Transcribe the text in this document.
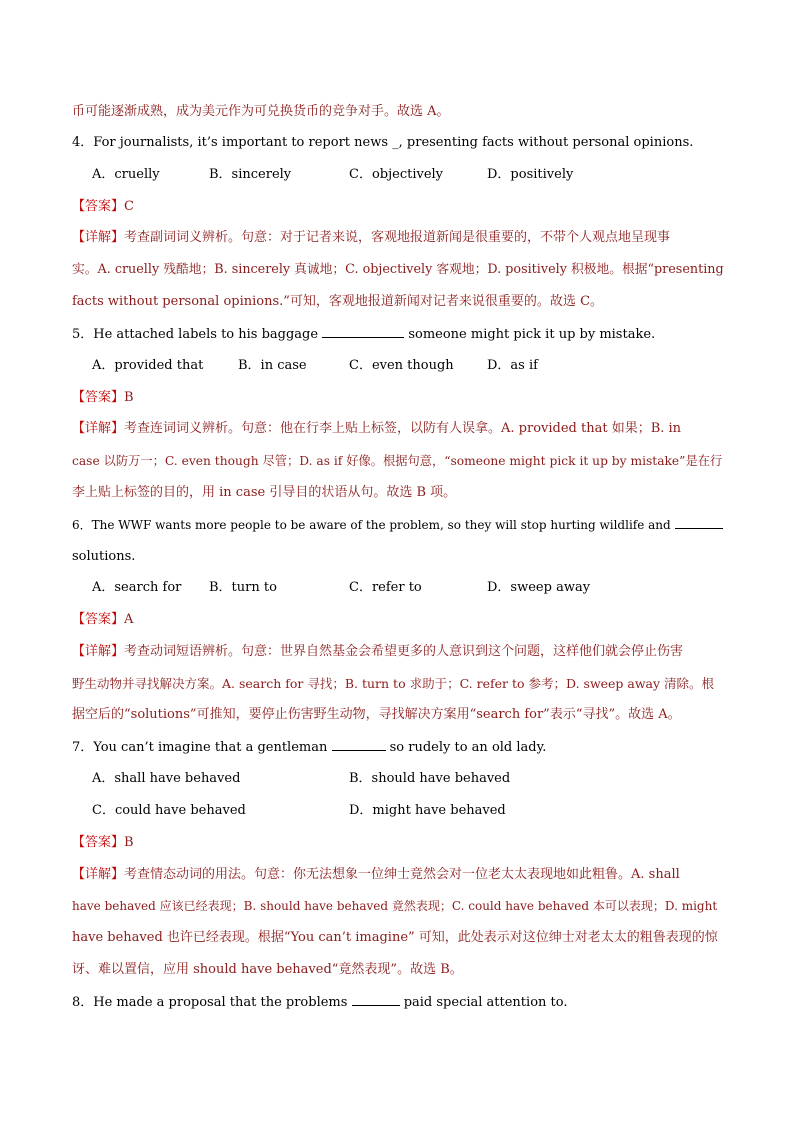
币可能逐渐成熟，成为美元作为可兑换货币的竞争对手。故选 A。
4．For journalists, it’s important to report news _, presenting facts without personal opinions.
A．cruelly	B．sincerely	C．objectively	D．positively
【答案】C
【详解】考查副词词义辨析。句意：对于记者来说，客观地报道新闻是很重要的，不带个人观点地呈现事
实。A. cruelly 残酷地；B. sincerely 真诚地；C. objectively 客观地；D. positively 积极地。根据“presenting
facts without personal opinions.”可知，客观地报道新闻对记者来说很重要的。故选 C。
5．He attached labels to his baggage	someone might pick it up by mistake.
A．provided that	B．in case	C．even though	D．as if
【答案】B
【详解】考查连词词义辨析。句意：他在行李上贴上标签，以防有人误拿。A. provided that 如果；B. in
case 以防万一；C. even though 尽管；D. as if 好像。根据句意，“someone might pick it up by mistake”是在行
李上贴上标签的目的，用 in case 引导目的状语从句。故选 B 项。
6．The WWF wants more people to be aware of the problem, so they will stop hurting wildlife and
solutions.
A．search for B．turn to	C．refer to	D．sweep away
【答案】A
【详解】考查动词短语辨析。句意：世界自然基金会希望更多的人意识到这个问题，这样他们就会停止伤害
野生动物并寻找解决方案。A. search for 寻找；B. turn to 求助于；C. refer to 参考；D. sweep away 清除。根
据空后的“solutions”可推知，要停止伤害野生动物，寻找解决方案用“search for”表示“寻找”。故选 A。
7．You can’t imagine that a gentleman	so rudely to an old lady.
A．shall have behaved	B．should have behaved
C．could have behaved	D．might have behaved
【答案】B
【详解】考查情态动词的用法。句意：你无法想象一位绅士竟然会对一位老太太表现地如此粗鲁。A. shall
have behaved 应该已经表现；B. should have behaved 竟然表现；C. could have behaved 本可以表现；D. might
have behaved 也许已经表现。根据“You can’t imagine” 可知，此处表示对这位绅士对老太太的粗鲁表现的惊
讶、难以置信，应用 should have behaved“竟然表现”。故选 B。
8．He made a proposal that the problems	paid special attention to.
